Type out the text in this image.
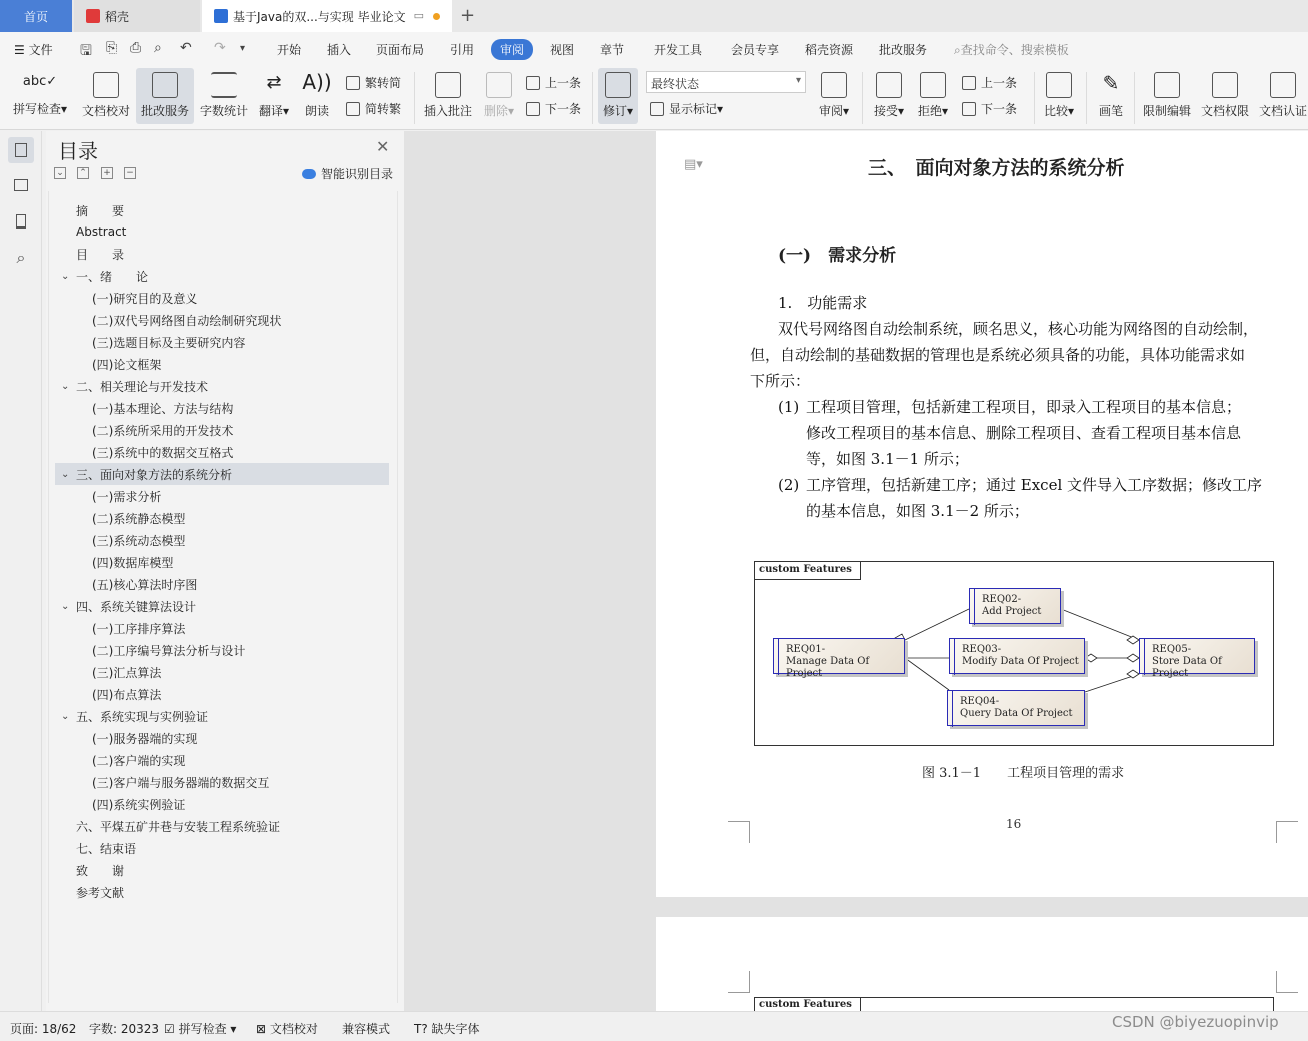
首页	稻壳	基于Java的双...与实现 毕业论文 ▭ +
☰ 文件 🖫 ⎘ ⎙ ⌕ ↶ ↷ ▾	开始 插入 页面布局 引用	审阅	视图 章节 开发工具 会员专享 稻壳资源 批改服务 ⌕查找命令、搜索模板
abc✓
拼写检查▾ 文档校对 批改服务 字数统计
⇄
翻译▾
A))
朗读
繁转简
简转繁 插入批注 删除▾
上一条
下一条	修订▾
最终状态 ▾
显示标记 ▾	审阅▾	接受▾	拒绝▾
上一条
下一条	比较▾
✎
画笔	限制编辑 文档权限 文档认证
⌕
目录	✕
⌄ ⌃ + −	智能识别目录
摘　　要
Abstract
目　　录
⌄ 一、绪　　论
(一)研究目的及意义
(二)双代号网络图自动绘制研究现状
(三)选题目标及主要研究内容
(四)论文框架
⌄ 二、相关理论与开发技术
(一)基本理论、方法与结构
(二)系统所采用的开发技术
(三)系统中的数据交互格式
⌄ 三、面向对象方法的系统分析
(一)需求分析
(二)系统静态模型
(三)系统动态模型
(四)数据库模型
(五)核心算法时序图
⌄ 四、系统关键算法设计
(一)工序排序算法
(二)工序编号算法分析与设计
(三)汇点算法
(四)布点算法
⌄ 五、系统实现与实例验证
(一)服务器端的实现
(二)客户端的实现
(三)客户端与服务器端的数据交互
(四)系统实例验证
六、平煤五矿井巷与安装工程系统验证
七、结束语
致　　谢
参考文献
▤▾	三、　面向对象方法的系统分析
(一)　需求分析
1.　功能需求
双代号网络图自动绘制系统，顾名思义，核心功能为网络图的自动绘制，
但，自动绘制的基础数据的管理也是系统必须具备的功能，具体功能需求如
下所示：
(1) 工程项目管理，包括新建工程项目，即录入工程项目的基本信息；
修改工程项目的基本信息、删除工程项目、查看工程项目基本信息
等，如图 3.1－1 所示；
(2) 工序管理，包括新建工序；通过 Excel 文件导入工序数据；修改工序
的基本信息，如图 3.1－2 所示；
custom Features
REQ02-
Add Project
REQ01-
Manage Data Of Project
REQ03-
Modify Data Of Project
REQ05-
Store Data Of Project
REQ04-
Query Data Of Project
图 3.1－1　　工程项目管理的需求
16
custom Features
页面: 18/62 字数: 20323 ☑ 拼写检查 ▾ ⊠ 文档校对 兼容模式 T? 缺失字体	CSDN @biyezuopinvip
